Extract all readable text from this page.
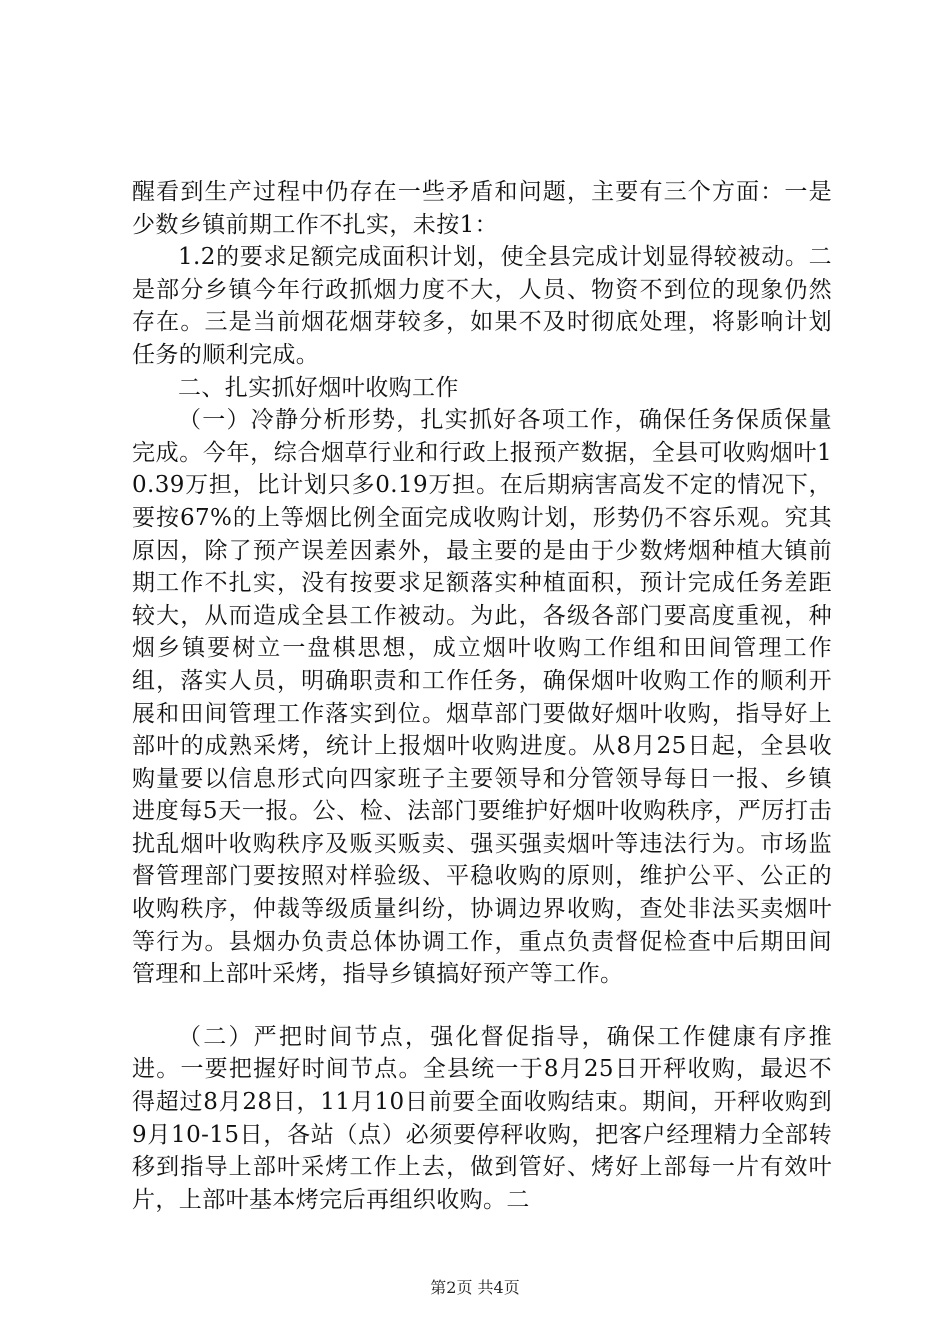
醒看到生产过程中仍存在一些矛盾和问题，主要有三个方面：一是少数乡镇前期工作不扎实，未按1：

1.2的要求足额完成面积计划，使全县完成计划显得较被动。二是部分乡镇今年行政抓烟力度不大，人员、物资不到位的现象仍然存在。三是当前烟花烟芽较多，如果不及时彻底处理，将影响计划任务的顺利完成。

二、扎实抓好烟叶收购工作

（一）冷静分析形势，扎实抓好各项工作，确保任务保质保量完成。今年，综合烟草行业和行政上报预产数据，全县可收购烟叶10.39万担，比计划只多0.19万担。在后期病害高发不定的情况下，要按67%的上等烟比例全面完成收购计划，形势仍不容乐观。究其原因，除了预产误差因素外，最主要的是由于少数烤烟种植大镇前期工作不扎实，没有按要求足额落实种植面积，预计完成任务差距较大，从而造成全县工作被动。为此，各级各部门要高度重视，种烟乡镇要树立一盘棋思想，成立烟叶收购工作组和田间管理工作组，落实人员，明确职责和工作任务，确保烟叶收购工作的顺利开展和田间管理工作落实到位。烟草部门要做好烟叶收购，指导好上部叶的成熟采烤，统计上报烟叶收购进度。从8月25日起，全县收购量要以信息形式向四家班子主要领导和分管领导每日一报、乡镇进度每5天一报。公、检、法部门要维护好烟叶收购秩序，严厉打击扰乱烟叶收购秩序及贩买贩卖、强买强卖烟叶等违法行为。市场监督管理部门要按照对样验级、平稳收购的原则，维护公平、公正的收购秩序，仲裁等级质量纠纷，协调边界收购，查处非法买卖烟叶等行为。县烟办负责总体协调工作，重点负责督促检查中后期田间管理和上部叶采烤，指导乡镇搞好预产等工作。

（二）严把时间节点，强化督促指导，确保工作健康有序推进。一要把握好时间节点。全县统一于8月25日开秤收购，最迟不得超过8月28日，11月10日前要全面收购结束。期间，开秤收购到9月10-15日，各站（点）必须要停秤收购，把客户经理精力全部转移到指导上部叶采烤工作上去，做到管好、烤好上部每一片有效叶片，上部叶基本烤完后再组织收购。二

第2页 共4页
